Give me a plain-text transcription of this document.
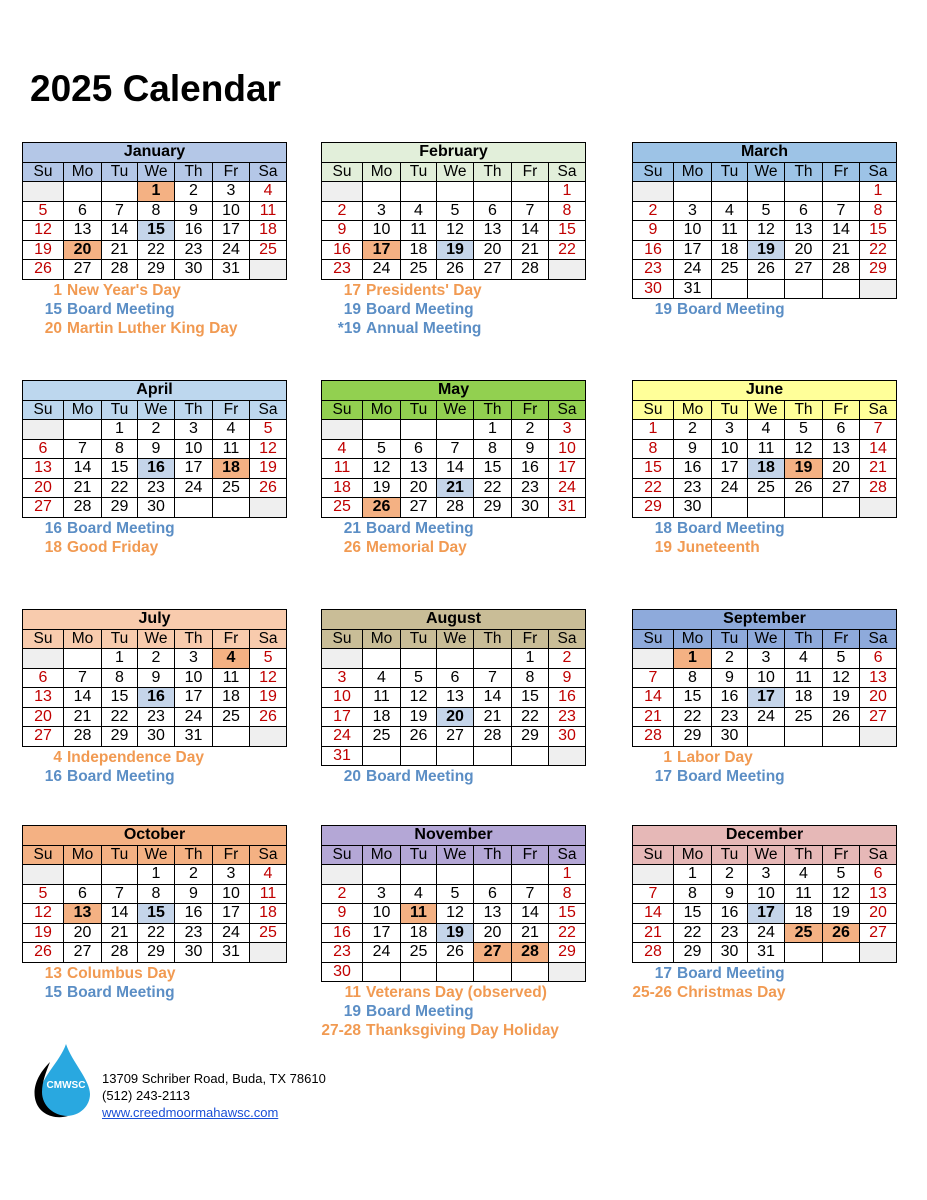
2025 Calendar
January						
Su	Mo	Tu	We	Th	Fr	Sa
			1	2	3	4
5	6	7	8	9	10	11
12	13	14	15	16	17	18
19	20	21	22	23	24	25
26	27	28	29	30	31	
1 New Year's Day
15 Board Meeting
20 Martin Luther King Day
February						
Su	Mo	Tu	We	Th	Fr	Sa
						1
2	3	4	5	6	7	8
9	10	11	12	13	14	15
16	17	18	19	20	21	22
23	24	25	26	27	28	
17 Presidents' Day
19 Board Meeting
*19 Annual Meeting
March						
Su	Mo	Tu	We	Th	Fr	Sa
						1
2	3	4	5	6	7	8
9	10	11	12	13	14	15
16	17	18	19	20	21	22
23	24	25	26	27	28	29
30	31					
19 Board Meeting
April						
Su	Mo	Tu	We	Th	Fr	Sa
		1	2	3	4	5
6	7	8	9	10	11	12
13	14	15	16	17	18	19
20	21	22	23	24	25	26
27	28	29	30			
16 Board Meeting
18 Good Friday
May						
Su	Mo	Tu	We	Th	Fr	Sa
				1	2	3
4	5	6	7	8	9	10
11	12	13	14	15	16	17
18	19	20	21	22	23	24
25	26	27	28	29	30	31
21 Board Meeting
26 Memorial Day
June						
Su	Mo	Tu	We	Th	Fr	Sa
1	2	3	4	5	6	7
8	9	10	11	12	13	14
15	16	17	18	19	20	21
22	23	24	25	26	27	28
29	30					
18 Board Meeting
19 Juneteenth
July						
Su	Mo	Tu	We	Th	Fr	Sa
		1	2	3	4	5
6	7	8	9	10	11	12
13	14	15	16	17	18	19
20	21	22	23	24	25	26
27	28	29	30	31		
4 Independence Day
16 Board Meeting
August						
Su	Mo	Tu	We	Th	Fr	Sa
					1	2
3	4	5	6	7	8	9
10	11	12	13	14	15	16
17	18	19	20	21	22	23
24	25	26	27	28	29	30
31						
20 Board Meeting
September						
Su	Mo	Tu	We	Th	Fr	Sa
	1	2	3	4	5	6
7	8	9	10	11	12	13
14	15	16	17	18	19	20
21	22	23	24	25	26	27
28	29	30				
1 Labor Day
17 Board Meeting
October						
Su	Mo	Tu	We	Th	Fr	Sa
			1	2	3	4
5	6	7	8	9	10	11
12	13	14	15	16	17	18
19	20	21	22	23	24	25
26	27	28	29	30	31	
13 Columbus Day
15 Board Meeting
November						
Su	Mo	Tu	We	Th	Fr	Sa
						1
2	3	4	5	6	7	8
9	10	11	12	13	14	15
16	17	18	19	20	21	22
23	24	25	26	27	28	29
30						
11 Veterans Day (observed)
19 Board Meeting
27-28 Thanksgiving Day Holiday
December						
Su	Mo	Tu	We	Th	Fr	Sa
	1	2	3	4	5	6
7	8	9	10	11	12	13
14	15	16	17	18	19	20
21	22	23	24	25	26	27
28	29	30	31			
17 Board Meeting
25-26 Christmas Day
CMWSC 13709 Schriber Road, Buda, TX 78610
(512) 243-2113
www.creedmoormahawsc.com
